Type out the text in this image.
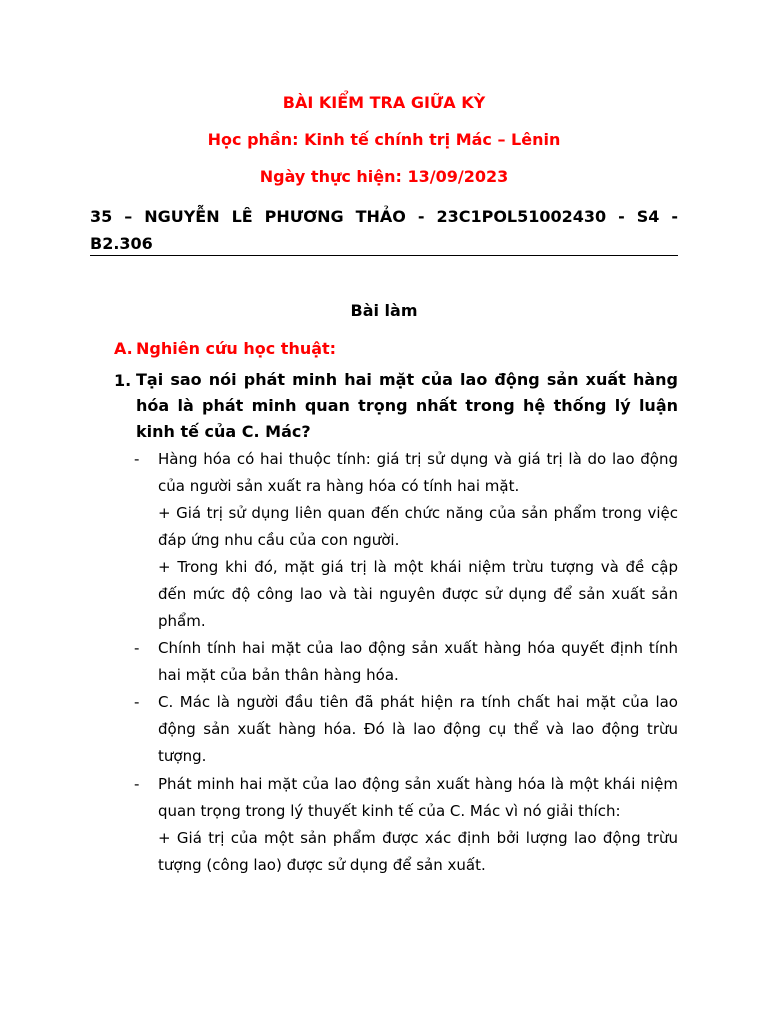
BÀI KIỂM TRA GIỮA KỲ
Học phần: Kinh tế chính trị Mác – Lênin
Ngày thực hiện: 13/09/2023
35 – NGUYỄN LÊ PHƯƠNG THẢO - 23C1POL51002430 - S4 -
B2.306
Bài làm
A. Nghiên cứu học thuật:
1. Tại sao nói phát minh hai mặt của lao động sản xuất hàng hóa là phát minh quan trọng nhất trong hệ thống lý luận kinh tế của C. Mác?
- Hàng hóa có hai thuộc tính: giá trị sử dụng và giá trị là do lao động của người sản xuất ra hàng hóa có tính hai mặt.
+ Giá trị sử dụng liên quan đến chức năng của sản phẩm trong việc đáp ứng nhu cầu của con người.
+ Trong khi đó, mặt giá trị là một khái niệm trừu tượng và đề cập đến mức độ công lao và tài nguyên được sử dụng để sản xuất sản phẩm.
- Chính tính hai mặt của lao động sản xuất hàng hóa quyết định tính hai mặt của bản thân hàng hóa.
- C. Mác là người đầu tiên đã phát hiện ra tính chất hai mặt của lao động sản xuất hàng hóa. Đó là lao động cụ thể và lao động trừu tượng.
- Phát minh hai mặt của lao động sản xuất hàng hóa là một khái niệm quan trọng trong lý thuyết kinh tế của C. Mác vì nó giải thích:
+ Giá trị của một sản phẩm được xác định bởi lượng lao động trừu tượng (công lao) được sử dụng để sản xuất.
